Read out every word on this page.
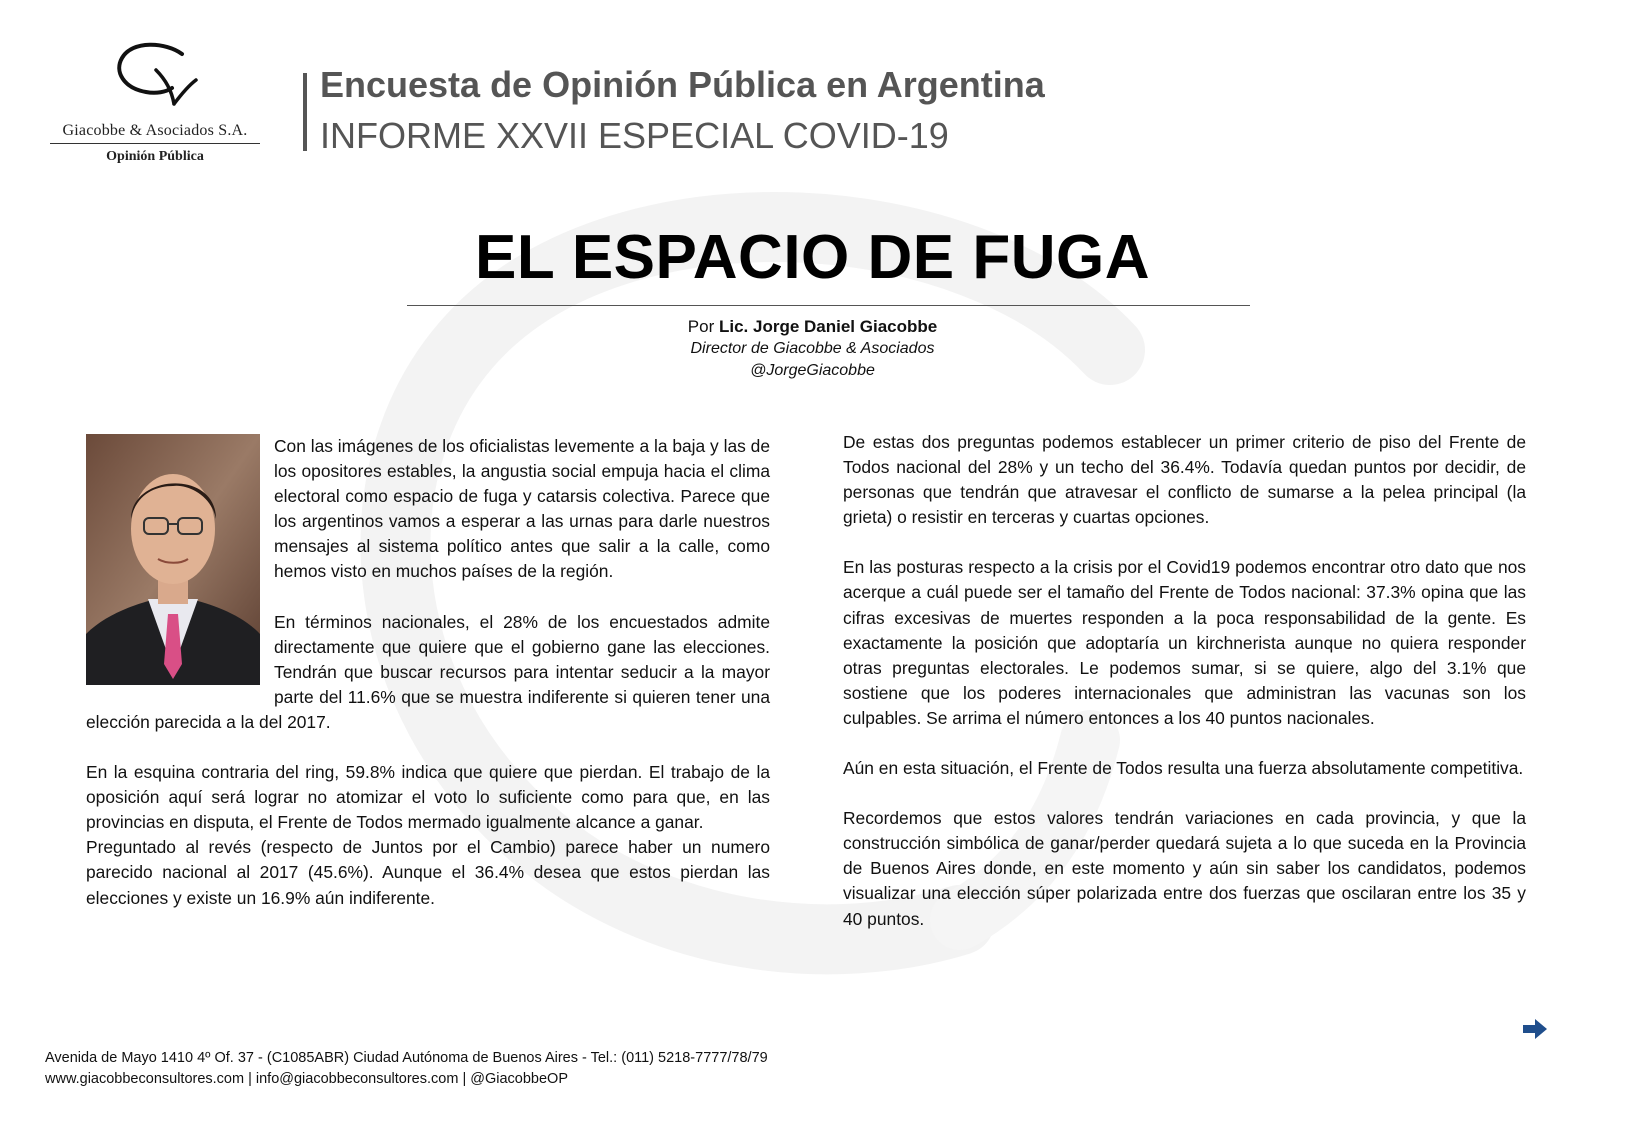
Giacobbe & Asociados S.A.
Opinión Pública
Encuesta de Opinión Pública en Argentina
INFORME XXVII ESPECIAL COVID-19
EL ESPACIO DE FUGA
Por Lic. Jorge Daniel Giacobbe
Director de Giacobbe & Asociados
@JorgeGiacobbe

Con las imágenes de los oficialistas levemente a la baja y las de los opositores estables, la angustia social empuja hacia el clima electoral como espacio de fuga y catarsis colectiva. Parece que los argentinos vamos a esperar a las urnas para darle nuestros mensajes al sistema político antes que salir a la calle, como hemos visto en muchos países de la región.

En términos nacionales, el 28% de los encuestados admite directamente que quiere que el gobierno gane las elecciones. Tendrán que buscar recursos para intentar seducir a la mayor parte del 11.6% que se muestra indiferente si quieren tener una elección parecida a la del 2017.

En la esquina contraria del ring, 59.8% indica que quiere que pierdan. El trabajo de la oposición aquí será lograr no atomizar el voto lo suficiente como para que, en las provincias en disputa, el Frente de Todos mermado igualmente alcance a ganar.

Preguntado al revés (respecto de Juntos por el Cambio) parece haber un numero parecido nacional al 2017 (45.6%). Aunque el 36.4% desea que estos pierdan las elecciones y existe un 16.9% aún indiferente.

De estas dos preguntas podemos establecer un primer criterio de piso del Frente de Todos nacional del 28% y un techo del 36.4%. Todavía quedan puntos por decidir, de personas que tendrán que atravesar el conflicto de sumarse a la pelea principal (la grieta) o resistir en terceras y cuartas opciones.

En las posturas respecto a la crisis por el Covid19 podemos encontrar otro dato que nos acerque a cuál puede ser el tamaño del Frente de Todos nacional: 37.3% opina que las cifras excesivas de muertes responden a la poca responsabilidad de la gente. Es exactamente la posición que adoptaría un kirchnerista aunque no quiera responder otras preguntas electorales. Le podemos sumar, si se quiere, algo del 3.1% que sostiene que los poderes internacionales que administran las vacunas son los culpables. Se arrima el número entonces a los 40 puntos nacionales.

Aún en esta situación, el Frente de Todos resulta una fuerza absolutamente competitiva.

Recordemos que estos valores tendrán variaciones en cada provincia, y que la construcción simbólica de ganar/perder quedará sujeta a lo que suceda en la Provincia de Buenos Aires donde, en este momento y aún sin saber los candidatos, podemos visualizar una elección súper polarizada entre dos fuerzas que oscilaran entre los 35 y 40 puntos.

Avenida de Mayo 1410 4º Of. 37 - (C1085ABR) Ciudad Autónoma de Buenos Aires - Tel.: (011) 5218-7777/78/79
www.giacobbeconsultores.com | info@giacobbeconsultores.com | @GiacobbeOP
